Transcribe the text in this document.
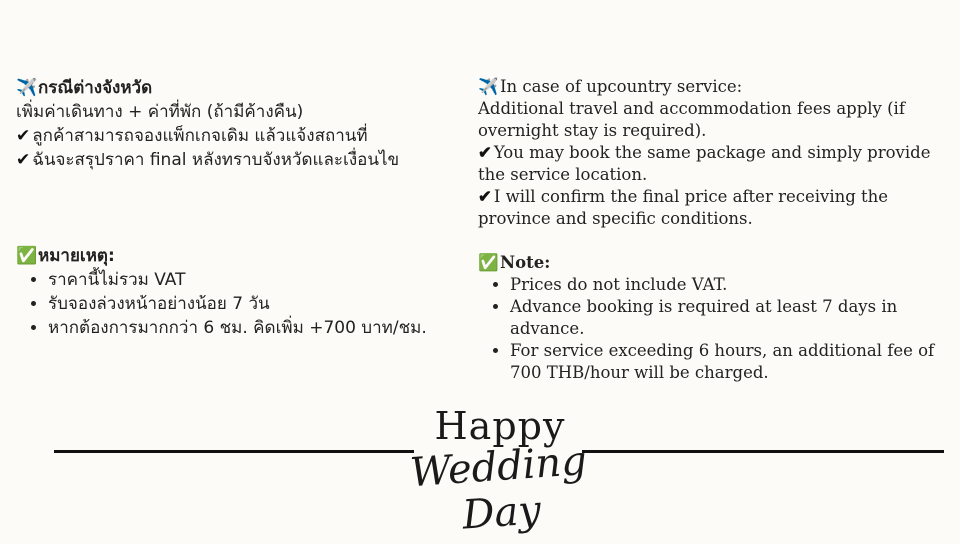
✈️กรณีต่างจังหวัด
เพิ่มค่าเดินทาง + ค่าที่พัก (ถ้ามีค้างคืน)
✔ ลูกค้าสามารถจองแพ็กเกจเดิม แล้วแจ้งสถานที่
✔ ฉันจะสรุปราคา final หลังทราบจังหวัดและเงื่อนไข
✅หมายเหตุ:
• ราคานี้ไม่รวม VAT
• รับจองล่วงหน้าอย่างน้อย 7 วัน
• หากต้องการมากกว่า 6 ชม. คิดเพิ่ม +700 บาท/ชม.
✈️In case of upcountry service:
Additional travel and accommodation fees apply (if overnight stay is required).
✔ You may book the same package and simply provide the service location.
✔ I will confirm the final price after receiving the province and specific conditions.
✅Note:
• Prices do not include VAT.
• Advance booking is required at least 7 days in advance.
• For service exceeding 6 hours, an additional fee of 700 THB/hour will be charged.
Happy
Wedding Day
